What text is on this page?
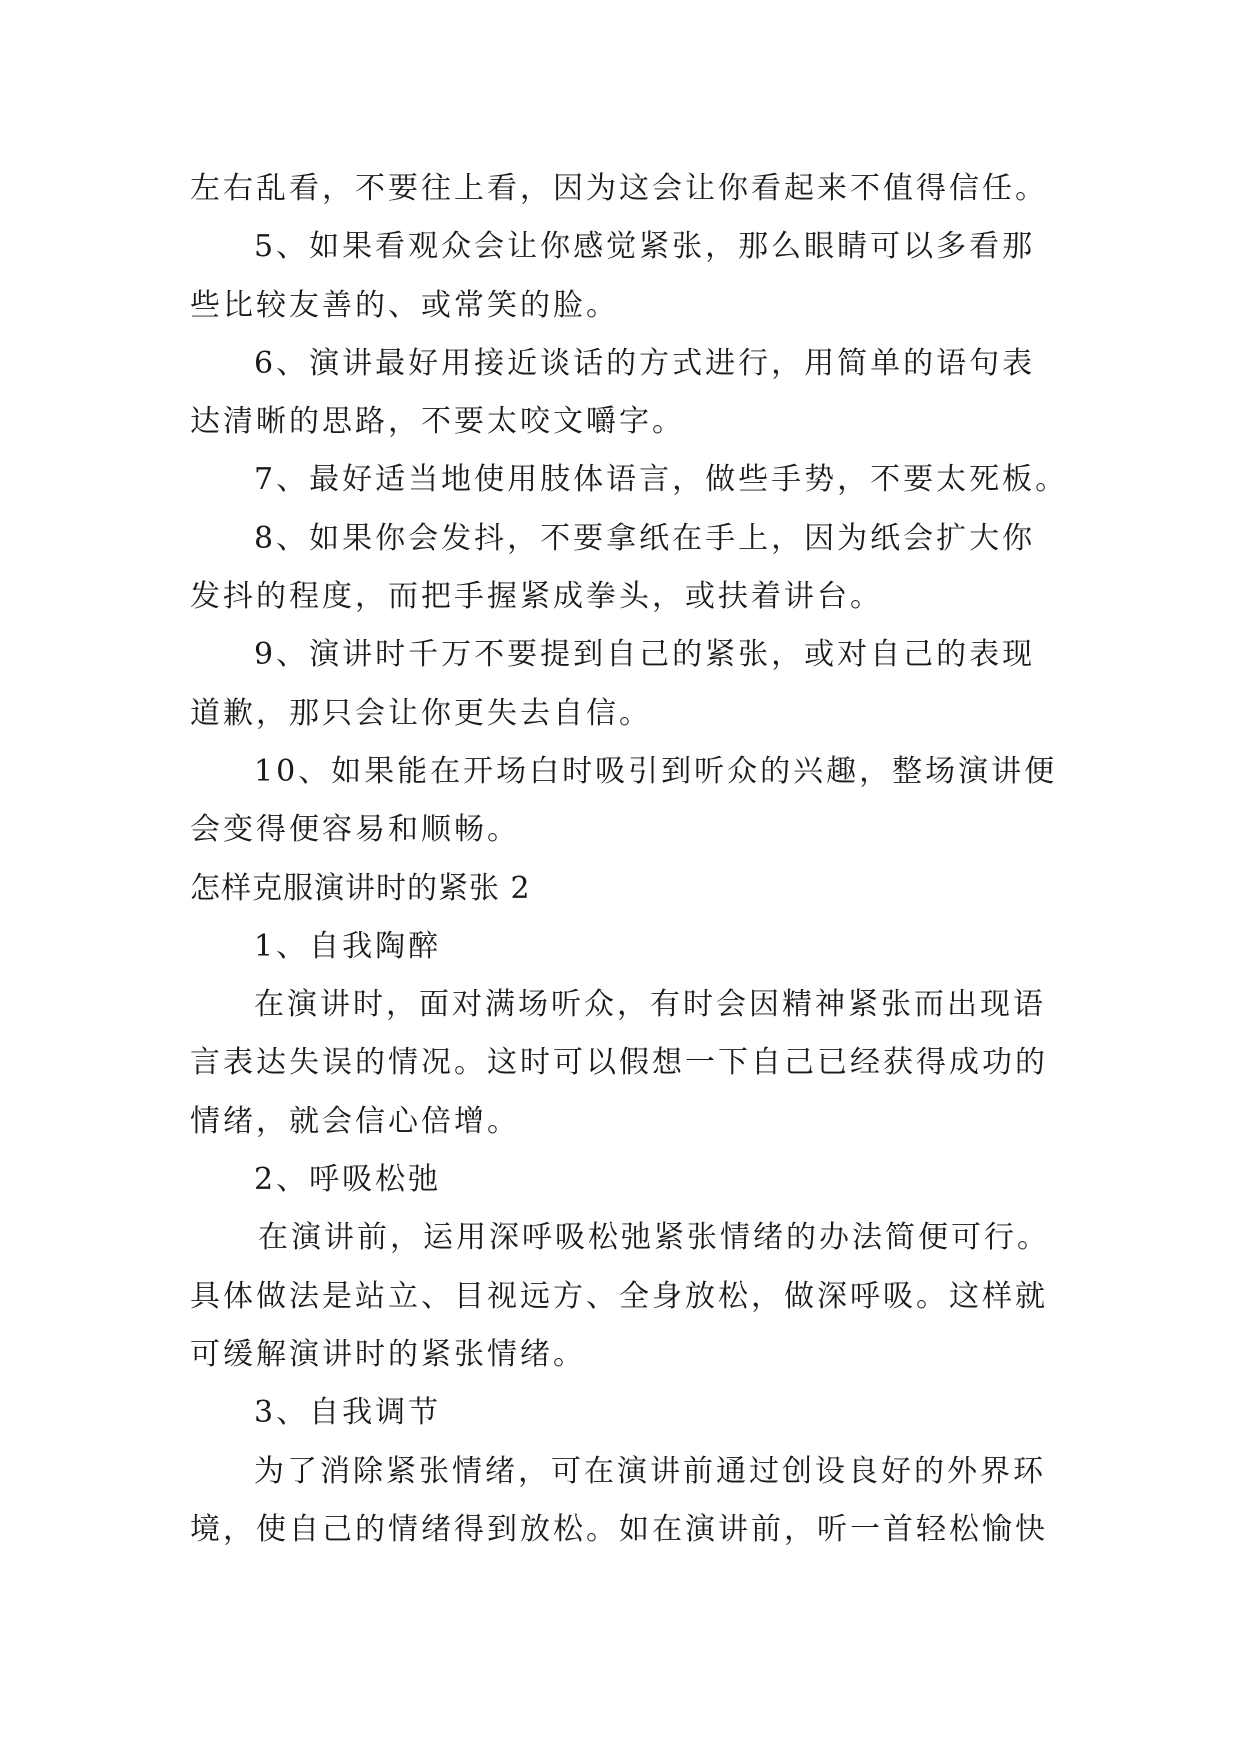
左右乱看，不要往上看，因为这会让你看起来不值得信任。

5、如果看观众会让你感觉紧张，那么眼睛可以多看那

些比较友善的、或常笑的脸。

6、演讲最好用接近谈话的方式进行，用简单的语句表

达清晰的思路，不要太咬文嚼字。

7、最好适当地使用肢体语言，做些手势，不要太死板。

8、如果你会发抖，不要拿纸在手上，因为纸会扩大你

发抖的程度，而把手握紧成拳头，或扶着讲台。

9、演讲时千万不要提到自己的紧张，或对自己的表现

道歉，那只会让你更失去自信。

10、如果能在开场白时吸引到听众的兴趣，整场演讲便

会变得便容易和顺畅。

怎样克服演讲时的紧张 2

1、自我陶醉

在演讲时，面对满场听众，有时会因精神紧张而出现语

言表达失误的情况。这时可以假想一下自己已经获得成功的

情绪，就会信心倍增。

2、呼吸松弛

在演讲前，运用深呼吸松弛紧张情绪的办法简便可行。

具体做法是站立、目视远方、全身放松，做深呼吸。这样就

可缓解演讲时的紧张情绪。

3、自我调节

为了消除紧张情绪，可在演讲前通过创设良好的外界环

境，使自己的情绪得到放松。如在演讲前，听一首轻松愉快
